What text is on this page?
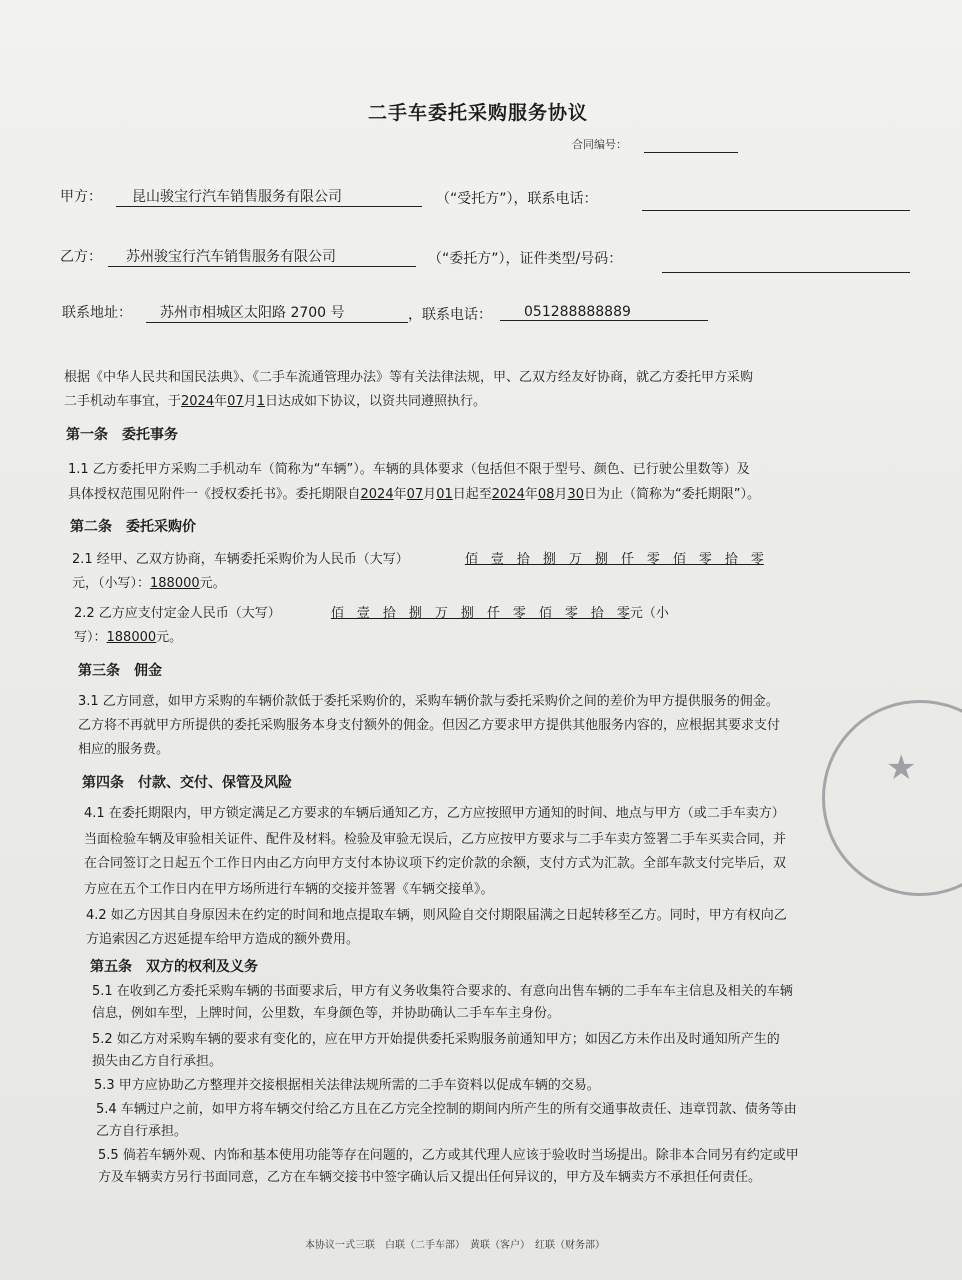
二手车委托采购服务协议
合同编号：
甲方：	昆山骏宝行汽车销售服务有限公司	（“受托方”），联系电话：
乙方：	苏州骏宝行汽车销售服务有限公司	（“委托方”），证件类型/号码：
联系地址：	苏州市相城区太阳路 2700 号	，联系电话：	051288888889
根据《中华人民共和国民法典》、《二手车流通管理办法》等有关法律法规，甲、乙双方经友好协商，就乙方委托甲方采购
二手机动车事宜，于2024年07月1日达成如下协议，以资共同遵照执行。
第一条　委托事务
1.1 乙方委托甲方采购二手机动车（简称为“车辆”）。车辆的具体要求（包括但不限于型号、颜色、已行驶公里数等）及
具体授权范围见附件一《授权委托书》。委托期限自2024年07月01日起至2024年08月30日为止（简称为“委托期限”）。
第二条　委托采购价
2.1 经甲、乙双方协商，车辆委托采购价为人民币（大写）	佰　壹　拾　捌　万　捌　仟　零　佰　零　拾　零
元，（小写）：188000元。
2.2 乙方应支付定金人民币（大写）	佰　壹　拾　捌　万　捌　仟　零　佰　零　拾　零元（小
写）：188000元。
第三条　佣金
3.1 乙方同意，如甲方采购的车辆价款低于委托采购价的，采购车辆价款与委托采购价之间的差价为甲方提供服务的佣金。
乙方将不再就甲方所提供的委托采购服务本身支付额外的佣金。但因乙方要求甲方提供其他服务内容的，应根据其要求支付
相应的服务费。
第四条　付款、交付、保管及风险
4.1 在委托期限内，甲方锁定满足乙方要求的车辆后通知乙方，乙方应按照甲方通知的时间、地点与甲方（或二手车卖方）
当面检验车辆及审验相关证件、配件及材料。检验及审验无误后，乙方应按甲方要求与二手车卖方签署二手车买卖合同，并
在合同签订之日起五个工作日内由乙方向甲方支付本协议项下约定价款的余额，支付方式为汇款。全部车款支付完毕后，双
方应在五个工作日内在甲方场所进行车辆的交接并签署《车辆交接单》。
4.2 如乙方因其自身原因未在约定的时间和地点提取车辆，则风险自交付期限届满之日起转移至乙方。同时，甲方有权向乙
方追索因乙方迟延提车给甲方造成的额外费用。
第五条　双方的权利及义务
5.1 在收到乙方委托采购车辆的书面要求后，甲方有义务收集符合要求的、有意向出售车辆的二手车车主信息及相关的车辆
信息，例如车型，上牌时间，公里数，车身颜色等，并协助确认二手车车主身份。
5.2 如乙方对采购车辆的要求有变化的，应在甲方开始提供委托采购服务前通知甲方；如因乙方未作出及时通知所产生的
损失由乙方自行承担。
5.3 甲方应协助乙方整理并交接根据相关法律法规所需的二手车资料以促成车辆的交易。
5.4 车辆过户之前，如甲方将车辆交付给乙方且在乙方完全控制的期间内所产生的所有交通事故责任、违章罚款、债务等由
乙方自行承担。
5.5 倘若车辆外观、内饰和基本使用功能等存在问题的，乙方或其代理人应该于验收时当场提出。除非本合同另有约定或甲
方及车辆卖方另行书面同意，乙方在车辆交接书中签字确认后又提出任何异议的，甲方及车辆卖方不承担任何责任。
本协议一式三联　白联（二手车部）　黄联（客户）　红联（财务部）
★
